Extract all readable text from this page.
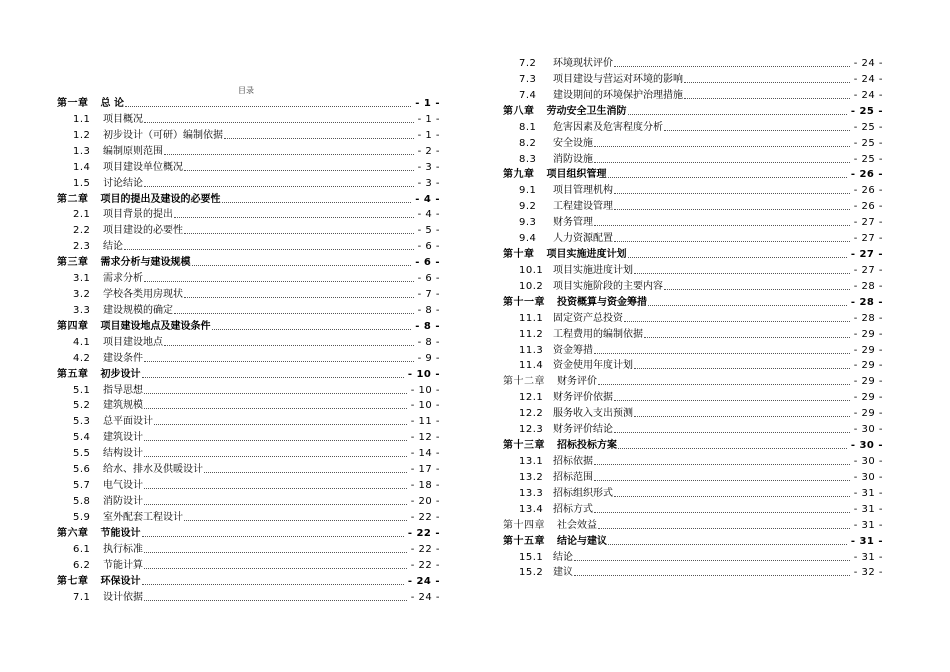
目录
第一章	总 论	- 1 -
1.1	项目概况	- 1 -
1.2	初步设计（可研）编制依据	- 1 -
1.3	编制原则范围	- 2 -
1.4	项目建设单位概况	- 3 -
1.5	讨论结论	- 3 -
第二章	项目的提出及建设的必要性	- 4 -
2.1	项目背景的提出	- 4 -
2.2	项目建设的必要性	- 5 -
2.3	结论	- 6 -
第三章	需求分析与建设规模	- 6 -
3.1	需求分析	- 6 -
3.2	学校各类用房现状	- 7 -
3.3	建设规模的确定	- 8 -
第四章	项目建设地点及建设条件	- 8 -
4.1	项目建设地点	- 8 -
4.2	建设条件	- 9 -
第五章	初步设计	- 10 -
5.1	指导思想	- 10 -
5.2	建筑规模	- 10 -
5.3	总平面设计	- 11 -
5.4	建筑设计	- 12 -
5.5	结构设计	- 14 -
5.6	给水、排水及供暖设计	- 17 -
5.7	电气设计	- 18 -
5.8	消防设计	- 20 -
5.9	室外配套工程设计	- 22 -
第六章	节能设计	- 22 -
6.1	执行标准	- 22 -
6.2	节能计算	- 22 -
第七章	环保设计	- 24 -
7.1	设计依据	- 24 -
7.2	环境现状评价	- 24 -
7.3	项目建设与营运对环境的影响	- 24 -
7.4	建设期间的环境保护治理措施	- 24 -
第八章	劳动安全卫生消防	- 25 -
8.1	危害因素及危害程度分析	- 25 -
8.2	安全设施	- 25 -
8.3	消防设施	- 25 -
第九章	项目组织管理	- 26 -
9.1	项目管理机构	- 26 -
9.2	工程建设管理	- 26 -
9.3	财务管理	- 27 -
9.4	人力资源配置	- 27 -
第十章	项目实施进度计划	- 27 -
10.1 项目实施进度计划	- 27 -
10.2 项目实施阶段的主要内容	- 28 -
第十一章	投资概算与资金筹措	- 28 -
11.1 固定资产总投资	- 28 -
11.2 工程费用的编制依据	- 29 -
11.3 资金筹措	- 29 -
11.4 资金使用年度计划	- 29 -
第十二章	财务评价	- 29 -
12.1 财务评价依据	- 29 -
12.2 服务收入支出预测	- 29 -
12.3 财务评价结论	- 30 -
第十三章	招标投标方案	- 30 -
13.1 招标依据	- 30 -
13.2 招标范围	- 30 -
13.3 招标组织形式	- 31 -
13.4 招标方式	- 31 -
第十四章	社会效益	- 31 -
第十五章	结论与建议	- 31 -
15.1 结论	- 31 -
15.2 建议	- 32 -
